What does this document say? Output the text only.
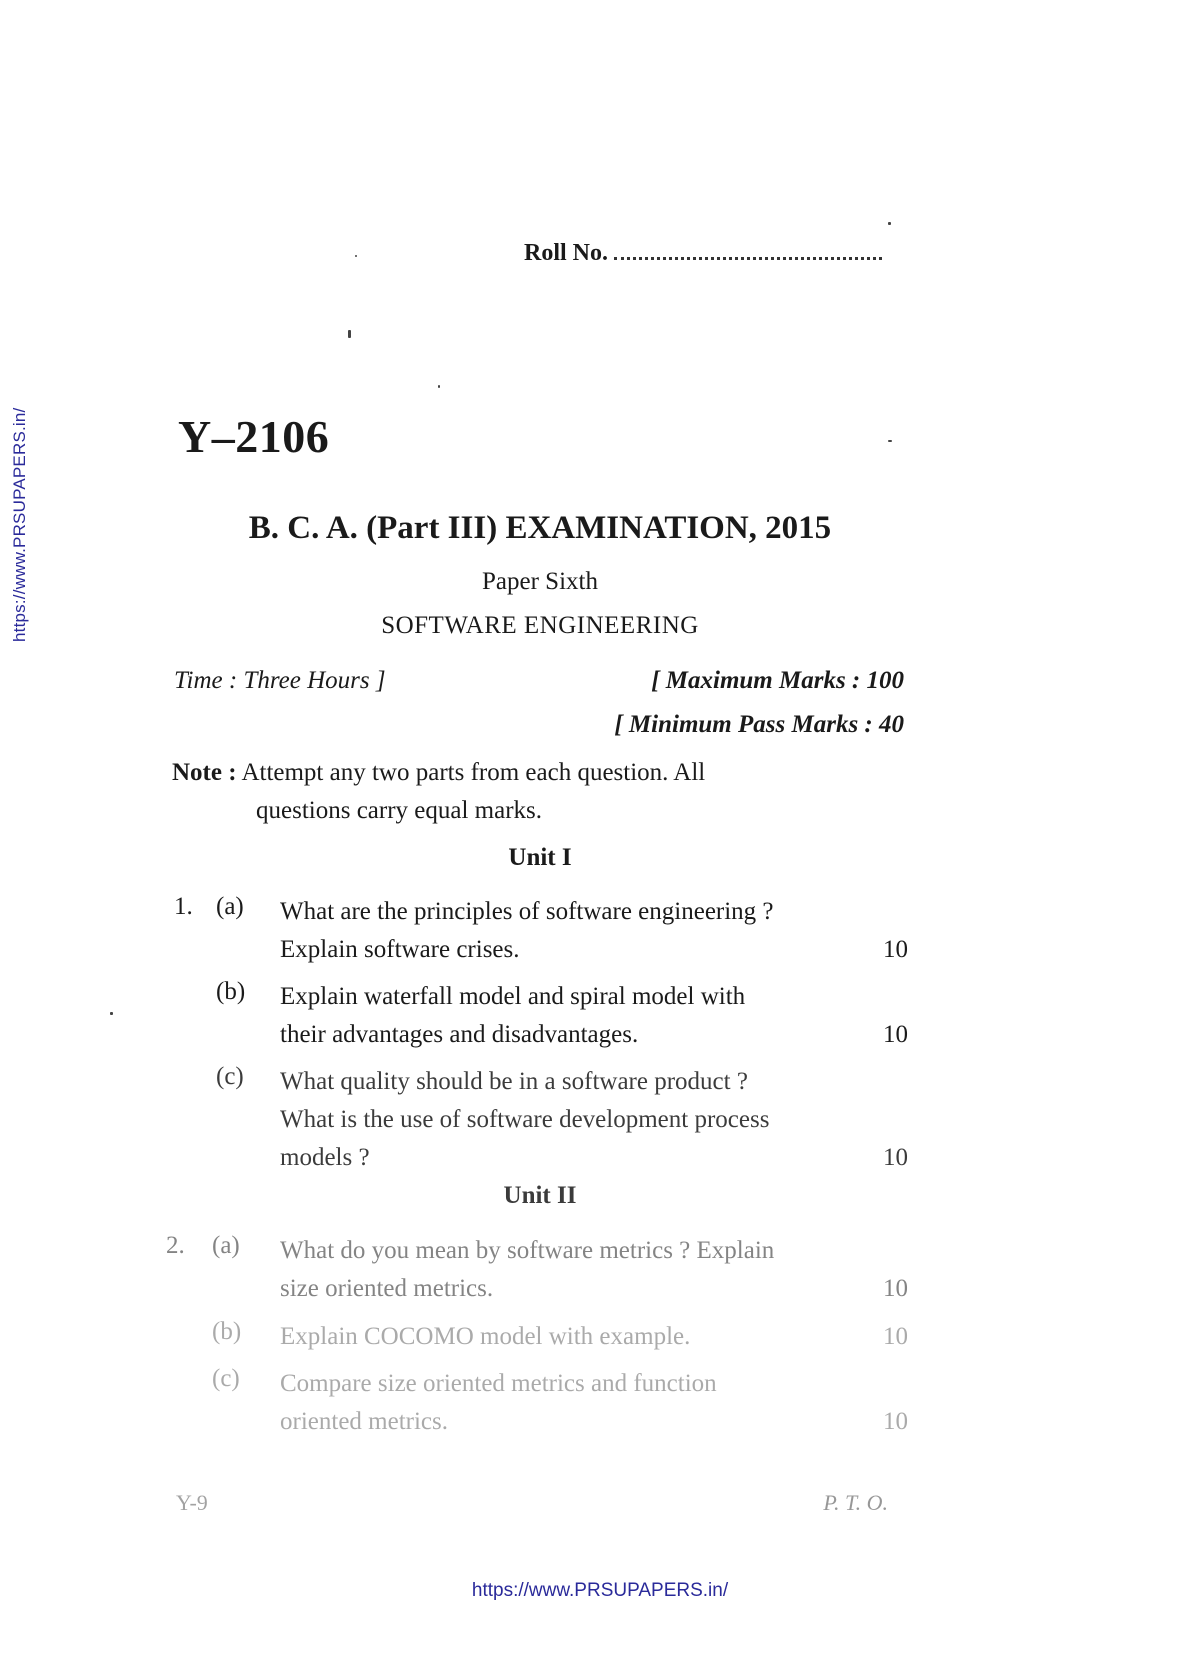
https://www.PRSUPAPERS.in/
https://www.PRSUPAPERS.in/
Roll No.
Y–2106
B. C. A. (Part III) EXAMINATION, 2015
Paper Sixth
SOFTWARE ENGINEERING
Time : Three Hours ]	[ Maximum Marks : 100
[ Minimum Pass Marks : 40
Note : Attempt any two parts from each question. All
questions carry equal marks.
Unit I
1. (a)	What are the principles of software engineering ?
Explain software crises.	10
(b)	Explain waterfall model and spiral model with
their advantages and disadvantages.	10
(c)	What quality should be in a software product ?
What is the use of software development process
models ?	10
Unit II
2.	(a)	What do you mean by software metrics ? Explain
size oriented metrics.	10
(b)	Explain COCOMO model with example.	10
(c)	Compare size oriented metrics and function
oriented metrics.	10
Y-9	P. T. O.
